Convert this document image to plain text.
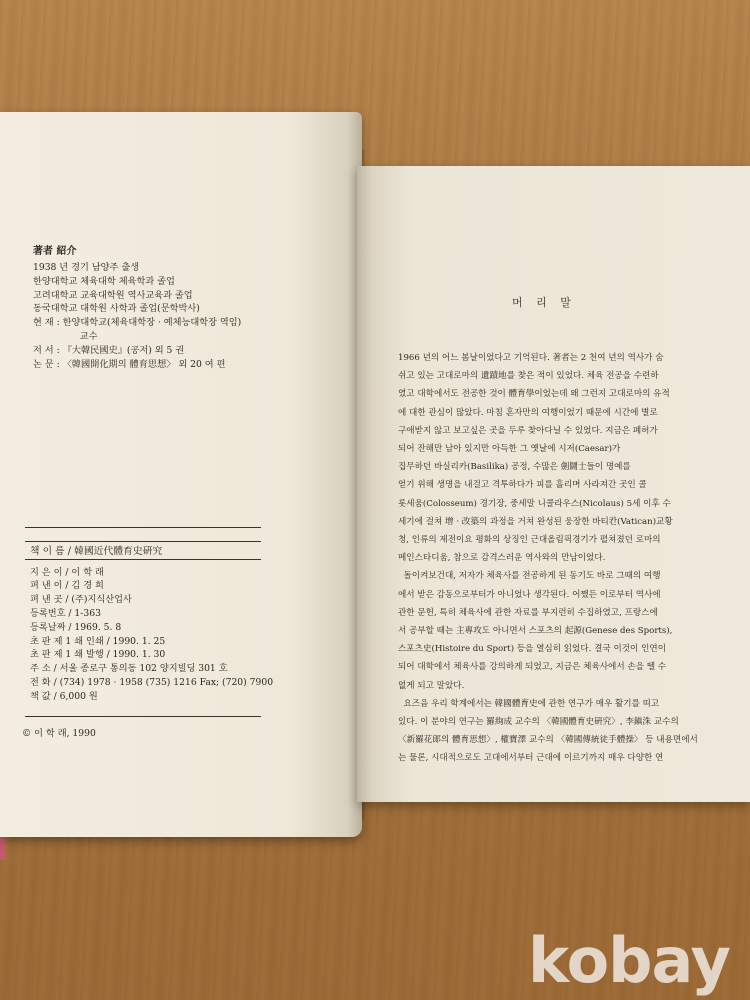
著者 紹介
1938 년 경기 남양주 출생
한양대학교 체육대학 체육학과 졸업
고려대학교 교육대학원 역사교육과 졸업
동국대학교 대학원 사학과 졸업(문학박사)
현 재 : 한양대학교(체육대학장 · 예체능대학장 역임)
교수
저 서 : 『大韓民國史』(공저) 외 5 권
논 문 : 〈韓國開化期의 體育思想〉 외 20 여 편
책 이 름 / 韓國近代體育史硏究
지 은 이 / 이 학 래
펴 낸 이 / 김 경 희
펴 낸 곳 / (주)지식산업사
등록번호 / 1-363
등록날짜 / 1969. 5. 8
초 판 제 1 쇄 인쇄 / 1990. 1. 25
초 판 제 1 쇄 발행 / 1990. 1. 30
주 소 / 서울 종로구 통의동 102 양지빌딩 301 호
전 화 / (734) 1978 · 1958 (735) 1216 Fax; (720) 7900
책 값 / 6,000 원
© 이 학 래, 1990
머 리 말
1966 년의 어느 봄날이었다고 기억된다. 著者는 2 천여 년의 역사가 숨
쉬고 있는 고대로마의 遺蹟地를 찾은 적이 있었다. 체육 전공을 수련하
였고 대학에서도 전공한 것이 體育學이었는데 왜 그런지 고대로마의 유적
에 대한 관심이 많았다. 마침 혼자만의 여행이었기 때문에 시간에 별로
구애받지 않고 보고싶은 곳을 두루 찾아다닐 수 있었다. 지금은 폐허가
되어 잔해만 남아 있지만 아득한 그 옛날에 시저(Caesar)가
집무하던 바실리카(Basilika) 공정, 수많은 劍鬪士들이 명예를
얻기 위해 생명을 내걸고 격투하다가 피를 흘리며 사라져간 곳인 콜
롯세움(Colosseum) 경기장, 중세말 니콜라우스(Nicolaus) 5세 이후 수
세기에 걸쳐 增 · 改築의 과정을 거쳐 완성된 웅장한 바티칸(Vatican)교황
청, 인류의 제전이요 평화의 상징인 근대올림픽경기가 펼쳐졌던 로마의
메인스타디움, 참으로 감격스러운 역사와의 만남이었다.
돌이켜보건대, 저자가 체육사를 전공하게 된 동기도 바로 그때의 여행
에서 받은 감동으로부터가 아니었나 생각된다. 어쨌든 이로부터 역사에
관한 문헌, 특히 체육사에 관한 자료를 부지런히 수집하였고, 프랑스에
서 공부할 때는 主專攻도 아니면서 스포츠의 起源(Genese des Sports),
스포츠史(Histoire du Sport) 등을 열심히 읽었다. 결국 이것이 인연이
되어 대학에서 체육사를 강의하게 되었고, 지금은 체육사에서 손을 뗄 수
없게 되고 말았다.
요즈음 우리 학계에서는 韓國體育史에 관한 연구가 매우 활기를 띠고
있다. 이 분야의 연구는 羅絢成 교수의 〈韓國體育史硏究〉, 李鎭洙 교수의
〈新羅花郞의 體育思想〉, 權寶澤 교수의 〈韓國傳統徒手體操〉 등 내용면에서
는 물론, 시대적으로도 고대에서부터 근대에 이르기까지 매우 다양한 연
kobay
